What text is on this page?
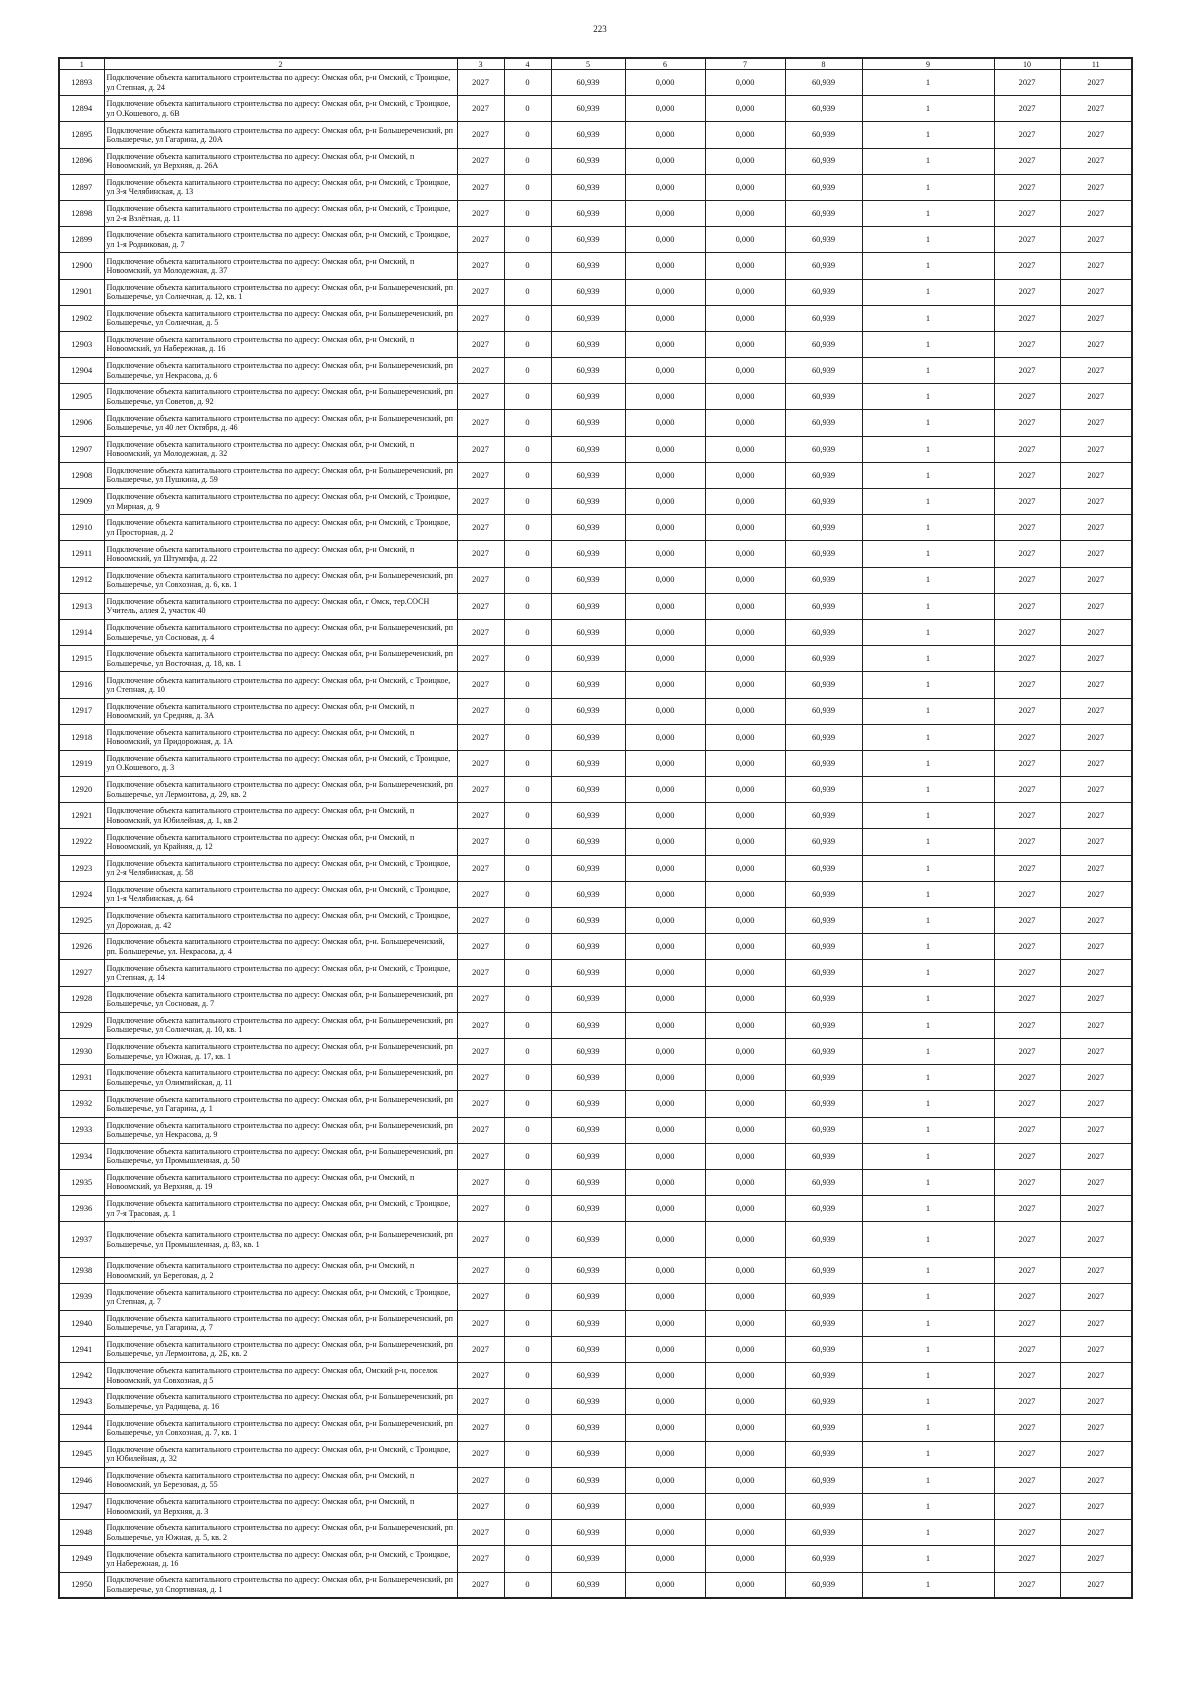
223
1	2	3	4	5	6	7	8	9	10	11
12893	Подключение объекта капитального строительства по адресу: Омская обл, р-н Омский, с Троицкое, ул Степная, д. 24	2027	0	60,939	0,000	0,000	60,939	1	2027	2027
12894	Подключение объекта капитального строительства по адресу: Омская обл, р-н Омский, с Троицкое, ул О.Кошевого, д. 6В	2027	0	60,939	0,000	0,000	60,939	1	2027	2027
12895	Подключение объекта капитального строительства по адресу: Омская обл, р-н Большереченский, рп Большеречье, ул Гагарина, д. 20А	2027	0	60,939	0,000	0,000	60,939	1	2027	2027
12896	Подключение объекта капитального строительства по адресу: Омская обл, р-н Омский, п Новоомский, ул Верхняя, д. 26А	2027	0	60,939	0,000	0,000	60,939	1	2027	2027
12897	Подключение объекта капитального строительства по адресу: Омская обл, р-н Омский, с Троицкое, ул 3-я Челябинская, д. 13	2027	0	60,939	0,000	0,000	60,939	1	2027	2027
12898	Подключение объекта капитального строительства по адресу: Омская обл, р-н Омский, с Троицкое, ул 2-я Взлётная, д. 11	2027	0	60,939	0,000	0,000	60,939	1	2027	2027
12899	Подключение объекта капитального строительства по адресу: Омская обл, р-н Омский, с Троицкое, ул 1-я Родниковая, д. 7	2027	0	60,939	0,000	0,000	60,939	1	2027	2027
12900	Подключение объекта капитального строительства по адресу: Омская обл, р-н Омский, п Новоомский, ул Молодежная, д. 37	2027	0	60,939	0,000	0,000	60,939	1	2027	2027
12901	Подключение объекта капитального строительства по адресу: Омская обл, р-н Большереченский, рп Большеречье, ул Солнечная, д. 12, кв. 1	2027	0	60,939	0,000	0,000	60,939	1	2027	2027
12902	Подключение объекта капитального строительства по адресу: Омская обл, р-н Большереченский, рп Большеречье, ул Солнечная, д. 5	2027	0	60,939	0,000	0,000	60,939	1	2027	2027
12903	Подключение объекта капитального строительства по адресу: Омская обл, р-н Омский, п Новоомский, ул Набережная, д. 16	2027	0	60,939	0,000	0,000	60,939	1	2027	2027
12904	Подключение объекта капитального строительства по адресу: Омская обл, р-н Большереченский, рп Большеречье, ул Некрасова, д. 6	2027	0	60,939	0,000	0,000	60,939	1	2027	2027
12905	Подключение объекта капитального строительства по адресу: Омская обл, р-н Большереченский, рп Большеречье, ул Советов, д. 92	2027	0	60,939	0,000	0,000	60,939	1	2027	2027
12906	Подключение объекта капитального строительства по адресу: Омская обл, р-н Большереченский, рп Большеречье, ул 40 лет Октября, д. 46	2027	0	60,939	0,000	0,000	60,939	1	2027	2027
12907	Подключение объекта капитального строительства по адресу: Омская обл, р-н Омский, п Новоомский, ул Молодежная, д. 32	2027	0	60,939	0,000	0,000	60,939	1	2027	2027
12908	Подключение объекта капитального строительства по адресу: Омская обл, р-н Большереченский, рп Большеречье, ул Пушкина, д. 59	2027	0	60,939	0,000	0,000	60,939	1	2027	2027
12909	Подключение объекта капитального строительства по адресу: Омская обл, р-н Омский, с Троицкое, ул Мирная, д. 9	2027	0	60,939	0,000	0,000	60,939	1	2027	2027
12910	Подключение объекта капитального строительства по адресу: Омская обл, р-н Омский, с Троицкое, ул Просторная, д. 2	2027	0	60,939	0,000	0,000	60,939	1	2027	2027
12911	Подключение объекта капитального строительства по адресу: Омская обл, р-н Омский, п Новоомский, ул Штумпфа, д. 22	2027	0	60,939	0,000	0,000	60,939	1	2027	2027
12912	Подключение объекта капитального строительства по адресу: Омская обл, р-н Большереченский, рп Большеречье, ул Совхозная, д. 6, кв. 1	2027	0	60,939	0,000	0,000	60,939	1	2027	2027
12913	Подключение объекта капитального строительства по адресу: Омская обл, г Омск, тер.СОСН Учитель, аллея 2, участок 40	2027	0	60,939	0,000	0,000	60,939	1	2027	2027
12914	Подключение объекта капитального строительства по адресу: Омская обл, р-н Большереченский, рп Большеречье, ул Сосновая, д. 4	2027	0	60,939	0,000	0,000	60,939	1	2027	2027
12915	Подключение объекта капитального строительства по адресу: Омская обл, р-н Большереченский, рп Большеречье, ул Восточная, д. 18, кв. 1	2027	0	60,939	0,000	0,000	60,939	1	2027	2027
12916	Подключение объекта капитального строительства по адресу: Омская обл, р-н Омский, с Троицкое, ул Степная, д. 10	2027	0	60,939	0,000	0,000	60,939	1	2027	2027
12917	Подключение объекта капитального строительства по адресу: Омская обл, р-н Омский, п Новоомский, ул Средняя, д. 3А	2027	0	60,939	0,000	0,000	60,939	1	2027	2027
12918	Подключение объекта капитального строительства по адресу: Омская обл, р-н Омский, п Новоомский, ул Придорожная, д. 1А	2027	0	60,939	0,000	0,000	60,939	1	2027	2027
12919	Подключение объекта капитального строительства по адресу: Омская обл, р-н Омский, с Троицкое, ул О.Кошевого, д. 3	2027	0	60,939	0,000	0,000	60,939	1	2027	2027
12920	Подключение объекта капитального строительства по адресу: Омская обл, р-н Большереченский, рп Большеречье, ул Лермонтова, д. 29, кв. 2	2027	0	60,939	0,000	0,000	60,939	1	2027	2027
12921	Подключение объекта капитального строительства по адресу: Омская обл, р-н Омский, п Новоомский, ул Юбилейная, д. 1, кв 2	2027	0	60,939	0,000	0,000	60,939	1	2027	2027
12922	Подключение объекта капитального строительства по адресу: Омская обл, р-н Омский, п Новоомский, ул Крайняя, д. 12	2027	0	60,939	0,000	0,000	60,939	1	2027	2027
12923	Подключение объекта капитального строительства по адресу: Омская обл, р-н Омский, с Троицкое, ул 2-я Челябинская, д. 58	2027	0	60,939	0,000	0,000	60,939	1	2027	2027
12924	Подключение объекта капитального строительства по адресу: Омская обл, р-н Омский, с Троицкое, ул 1-я Челябинская, д. 64	2027	0	60,939	0,000	0,000	60,939	1	2027	2027
12925	Подключение объекта капитального строительства по адресу: Омская обл, р-н Омский, с Троицкое, ул Дорожная, д. 42	2027	0	60,939	0,000	0,000	60,939	1	2027	2027
12926	Подключение объекта капитального строительства по адресу: Омская обл, р-н. Большереченский, рп. Большеречье, ул. Некрасова, д. 4	2027	0	60,939	0,000	0,000	60,939	1	2027	2027
12927	Подключение объекта капитального строительства по адресу: Омская обл, р-н Омский, с Троицкое, ул Степная, д. 14	2027	0	60,939	0,000	0,000	60,939	1	2027	2027
12928	Подключение объекта капитального строительства по адресу: Омская обл, р-н Большереченский, рп Большеречье, ул Сосновая, д. 7	2027	0	60,939	0,000	0,000	60,939	1	2027	2027
12929	Подключение объекта капитального строительства по адресу: Омская обл, р-н Большереченский, рп Большеречье, ул Солнечная, д. 10, кв. 1	2027	0	60,939	0,000	0,000	60,939	1	2027	2027
12930	Подключение объекта капитального строительства по адресу: Омская обл, р-н Большереченский, рп Большеречье, ул Южная, д. 17, кв. 1	2027	0	60,939	0,000	0,000	60,939	1	2027	2027
12931	Подключение объекта капитального строительства по адресу: Омская обл, р-н Большереченский, рп Большеречье, ул Олимпийская, д. 11	2027	0	60,939	0,000	0,000	60,939	1	2027	2027
12932	Подключение объекта капитального строительства по адресу: Омская обл, р-н Большереченский, рп Большеречье, ул Гагарина, д. 1	2027	0	60,939	0,000	0,000	60,939	1	2027	2027
12933	Подключение объекта капитального строительства по адресу: Омская обл, р-н Большереченский, рп Большеречье, ул Некрасова, д. 9	2027	0	60,939	0,000	0,000	60,939	1	2027	2027
12934	Подключение объекта капитального строительства по адресу: Омская обл, р-н Большереченский, рп Большеречье, ул Промышленная, д. 50	2027	0	60,939	0,000	0,000	60,939	1	2027	2027
12935	Подключение объекта капитального строительства по адресу: Омская обл, р-н Омский, п Новоомский, ул Верхняя, д. 19	2027	0	60,939	0,000	0,000	60,939	1	2027	2027
12936	Подключение объекта капитального строительства по адресу: Омская обл, р-н Омский, с Троицкое, ул 7-я Трасовая, д. 1	2027	0	60,939	0,000	0,000	60,939	1	2027	2027
12937	Подключение объекта капитального строительства по адресу: Омская обл, р-н Большереченский, рп Большеречье, ул Промышленная, д. 83, кв. 1	2027	0	60,939	0,000	0,000	60,939	1	2027	2027
12938	Подключение объекта капитального строительства по адресу: Омская обл, р-н Омский, п Новоомский, ул Береговая, д. 2	2027	0	60,939	0,000	0,000	60,939	1	2027	2027
12939	Подключение объекта капитального строительства по адресу: Омская обл, р-н Омский, с Троицкое, ул Степная, д. 7	2027	0	60,939	0,000	0,000	60,939	1	2027	2027
12940	Подключение объекта капитального строительства по адресу: Омская обл, р-н Большереченский, рп Большеречье, ул Гагарина, д. 7	2027	0	60,939	0,000	0,000	60,939	1	2027	2027
12941	Подключение объекта капитального строительства по адресу: Омская обл, р-н Большереченский, рп Большеречье, ул Лермонтова, д. 2Б, кв. 2	2027	0	60,939	0,000	0,000	60,939	1	2027	2027
12942	Подключение объекта капитального строительства по адресу: Омская обл, Омский р-н, поселок Новоомский, ул Совхозная, д 5	2027	0	60,939	0,000	0,000	60,939	1	2027	2027
12943	Подключение объекта капитального строительства по адресу: Омская обл, р-н Большереченский, рп Большеречье, ул Радищева, д. 16	2027	0	60,939	0,000	0,000	60,939	1	2027	2027
12944	Подключение объекта капитального строительства по адресу: Омская обл, р-н Большереченский, рп Большеречье, ул Совхозная, д. 7, кв. 1	2027	0	60,939	0,000	0,000	60,939	1	2027	2027
12945	Подключение объекта капитального строительства по адресу: Омская обл, р-н Омский, с Троицкое, ул Юбилейная, д. 32	2027	0	60,939	0,000	0,000	60,939	1	2027	2027
12946	Подключение объекта капитального строительства по адресу: Омская обл, р-н Омский, п Новоомский, ул Березовая, д. 55	2027	0	60,939	0,000	0,000	60,939	1	2027	2027
12947	Подключение объекта капитального строительства по адресу: Омская обл, р-н Омский, п Новоомский, ул Верхняя, д. 3	2027	0	60,939	0,000	0,000	60,939	1	2027	2027
12948	Подключение объекта капитального строительства по адресу: Омская обл, р-н Большереченский, рп Большеречье, ул Южная, д. 5, кв. 2	2027	0	60,939	0,000	0,000	60,939	1	2027	2027
12949	Подключение объекта капитального строительства по адресу: Омская обл, р-н Омский, с Троицкое, ул Набережная, д. 16	2027	0	60,939	0,000	0,000	60,939	1	2027	2027
12950	Подключение объекта капитального строительства по адресу: Омская обл, р-н Большереченский, рп Большеречье, ул Спортивная, д. 1	2027	0	60,939	0,000	0,000	60,939	1	2027	2027
